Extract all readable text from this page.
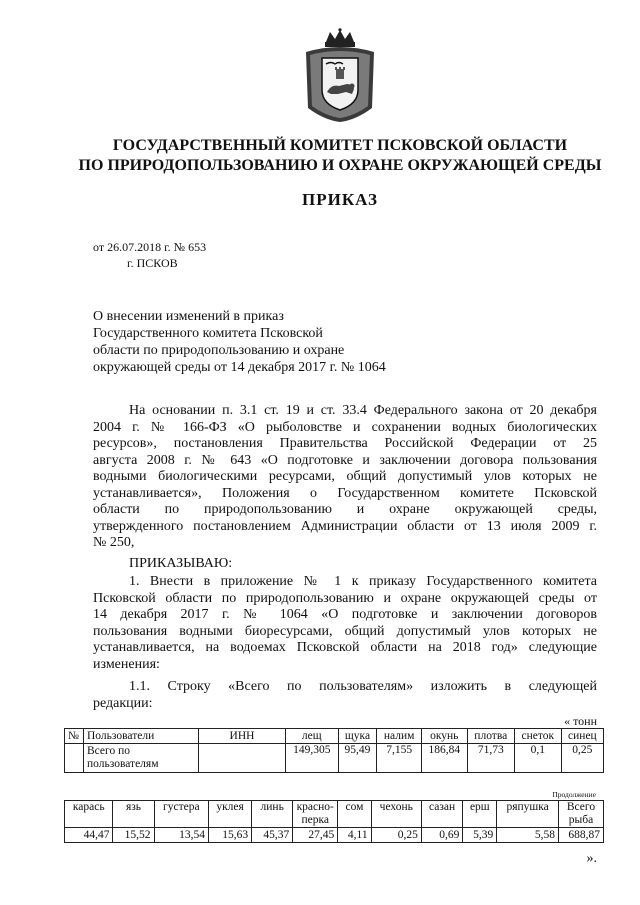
ГОСУДАРСТВЕННЫЙ КОМИТЕТ ПСКОВСКОЙ ОБЛАСТИ
ПО ПРИРОДОПОЛЬЗОВАНИЮ И ОХРАНЕ ОКРУЖАЮЩЕЙ СРЕДЫ
ПРИКАЗ
от 26.07.2018 г. № 653
г. ПСКОВ
О внесении изменений в приказ
Государственного комитета Псковской
области по природопользованию и охране
окружающей среды от 14 декабря 2017 г. № 1064
На основании п. 3.1 ст. 19 и ст. 33.4 Федерального закона от 20 декабря
2004 г. № 166-ФЗ «О рыболовстве и сохранении водных биологических
ресурсов», постановления Правительства Российской Федерации от 25
августа 2008 г. № 643 «О подготовке и заключении договора пользования
водными биологическими ресурсами, общий допустимый улов которых не
устанавливается», Положения о Государственном комитете Псковской
области по природопользованию и охране окружающей среды,
утвержденного постановлением Администрации области от 13 июля 2009 г.
№ 250,
ПРИКАЗЫВАЮ:
1. Внести в приложение № 1 к приказу Государственного комитета
Псковской области по природопользованию и охране окружающей среды от
14 декабря 2017 г. № 1064 «О подготовке и заключении договоров
пользования водными биоресурсами, общий допустимый улов которых не
устанавливается, на водоемах Псковской области на 2018 год» следующие
изменения:
1.1. Строку «Всего по пользователям» изложить в следующей
редакции:
« тонн
№	Пользователи	ИНН	лещ	щука	налим	окунь	плотва	снеток	синец
	Всего по пользователям		149,305	95,49	7,155	186,84	71,73	0,1	0,25
Продолжение
карась	язь	густера	уклея	линь	красно-перка	сом	чехонь	сазан	ерш	ряпушка	Всего рыба
44,47	15,52	13,54	15,63	45,37	27,45	4,11	0,25	0,69	5,39	5,58	688,87
».
